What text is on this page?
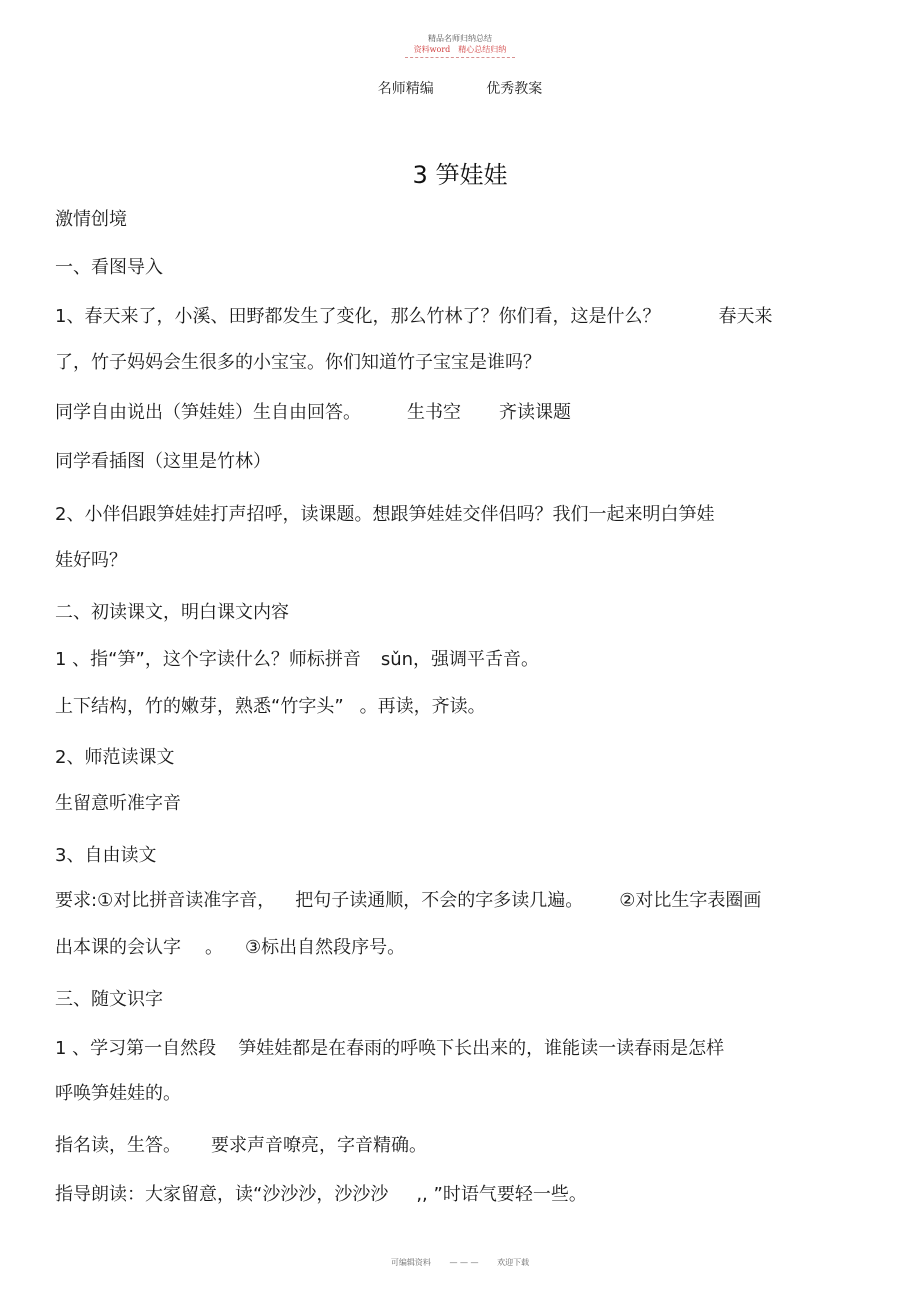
精品名师归纳总结
资料word　精心总结归纳
名师精编	优秀教案
3 笋娃娃
激情创境
一、看图导入
1、春天来了，小溪、田野都发生了变化，那么竹林了？你们看，这是什么？	春天来
了，竹子妈妈会生很多的小宝宝。你们知道竹子宝宝是谁吗？
同学自由说出（笋娃娃）生自由回答。	生书空 齐读课题
同学看插图（这里是竹林）
2、小伴侣跟笋娃娃打声招呼，读课题。想跟笋娃娃交伴侣吗？我们一起来明白笋娃
娃好吗？
二、初读课文，明白课文内容
1 、指“笋”，这个字读什么？师标拼音 sǔn，强调平舌音。
上下结构，竹的嫩芽，熟悉“竹字头” 。再读，齐读。
2、师范读课文
生留意听准字音
3、自由读文
要求:①对比拼音读准字音， 把句子读通顺，不会的字多读几遍。 ②对比生字表圈画
出本课的会认字 。 ③标出自然段序号。
三、随文识字
1 、学习第一自然段 笋娃娃都是在春雨的呼唤下长出来的，谁能读一读春雨是怎样
呼唤笋娃娃的。
指名读，生答。 要求声音嘹亮，字音精确。
指导朗读：大家留意，读“沙沙沙，沙沙沙 ,, ”时语气要轻一些。
可编辑资料 — — — 欢迎下载
